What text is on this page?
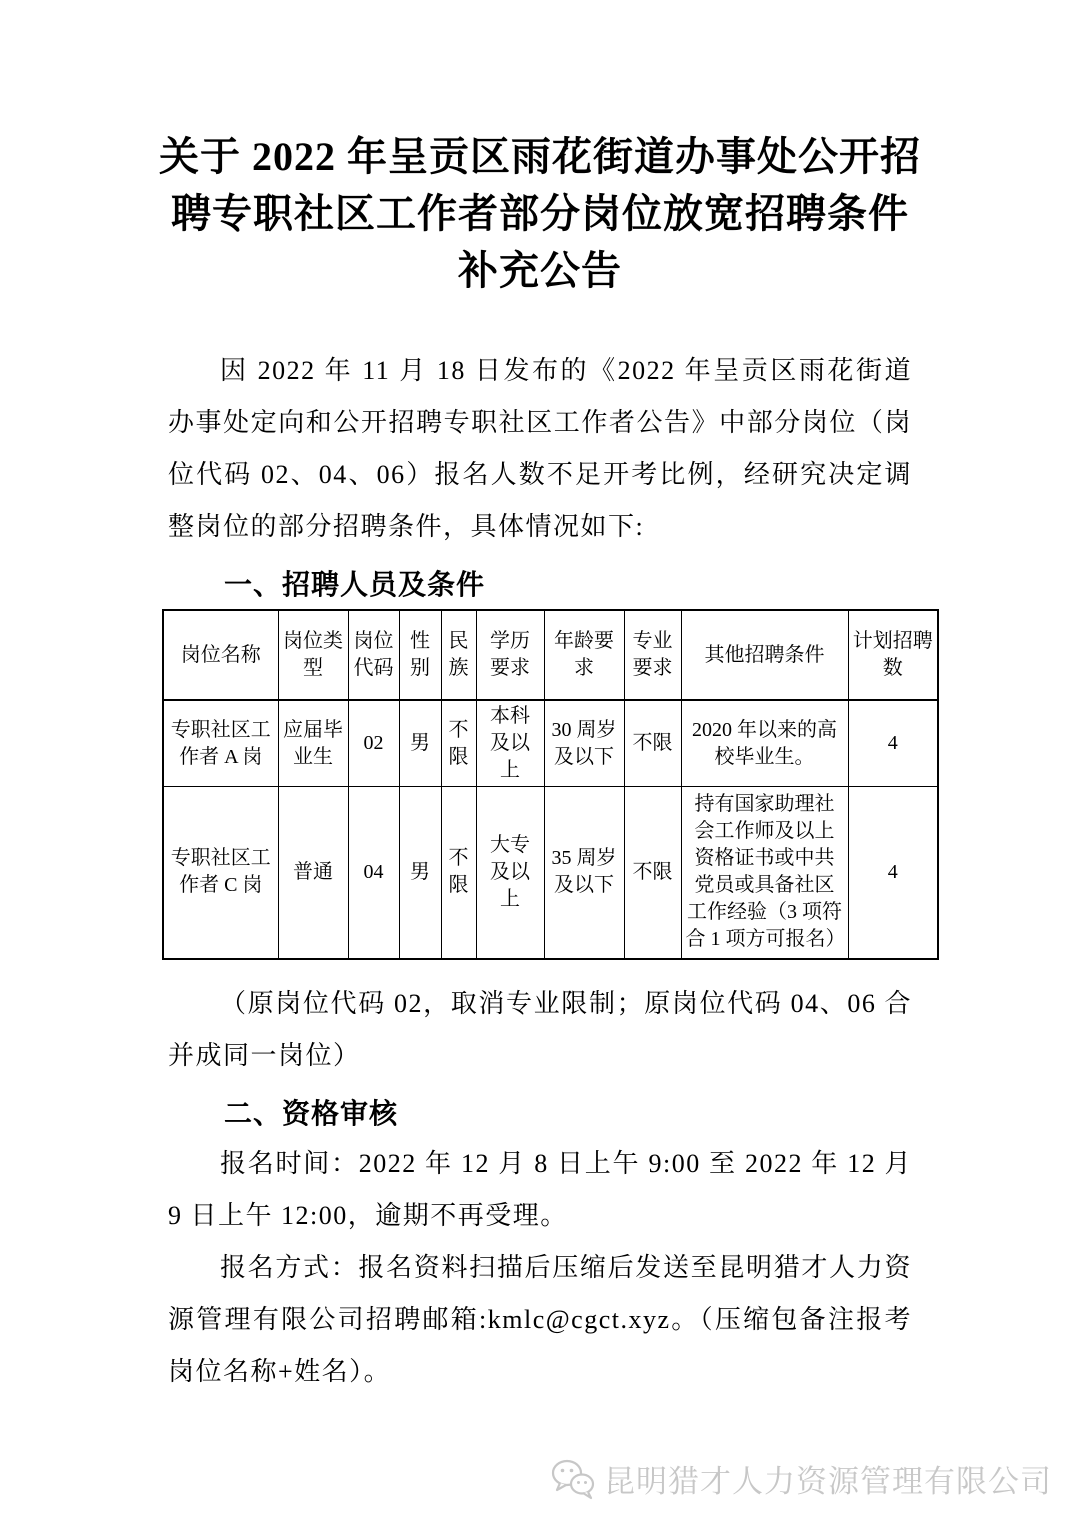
关于 2022 年呈贡区雨花街道办事处公开招
聘专职社区工作者部分岗位放宽招聘条件
补充公告

因 2022 年 11 月 18 日发布的《2022 年呈贡区雨花街道办事处定向和公开招聘专职社区工作者公告》中部分岗位（岗位代码 02、04、06）报名人数不足开考比例，经研究决定调整岗位的部分招聘条件，具体情况如下:

一、招聘人员及条件
岗位名称	岗位类型	岗位代码	性别	民族	学历要求	年龄要求	专业要求	其他招聘条件	计划招聘数
专职社区工作者 A 岗	应届毕业生	02	男	不限	本科及以上	30 周岁及以下	不限	2020 年以来的高校毕业生。	4
专职社区工作者 C 岗	普通	04	男	不限	大专及以上	35 周岁及以下	不限	持有国家助理社会工作师及以上资格证书或中共党员或具备社区工作经验（3 项符合 1 项方可报名）	4

（原岗位代码 02，取消专业限制；原岗位代码 04、06 合并成同一岗位）

二、资格审核

报名时间：2022 年 12 月 8 日上午 9:00 至 2022 年 12 月 9 日上午 12:00，逾期不再受理。

报名方式：报名资料扫描后压缩后发送至昆明猎才人力资源管理有限公司招聘邮箱:kmlc@cgct.xyz。（压缩包备注报考岗位名称+姓名）。

昆明猎才人力资源管理有限公司
